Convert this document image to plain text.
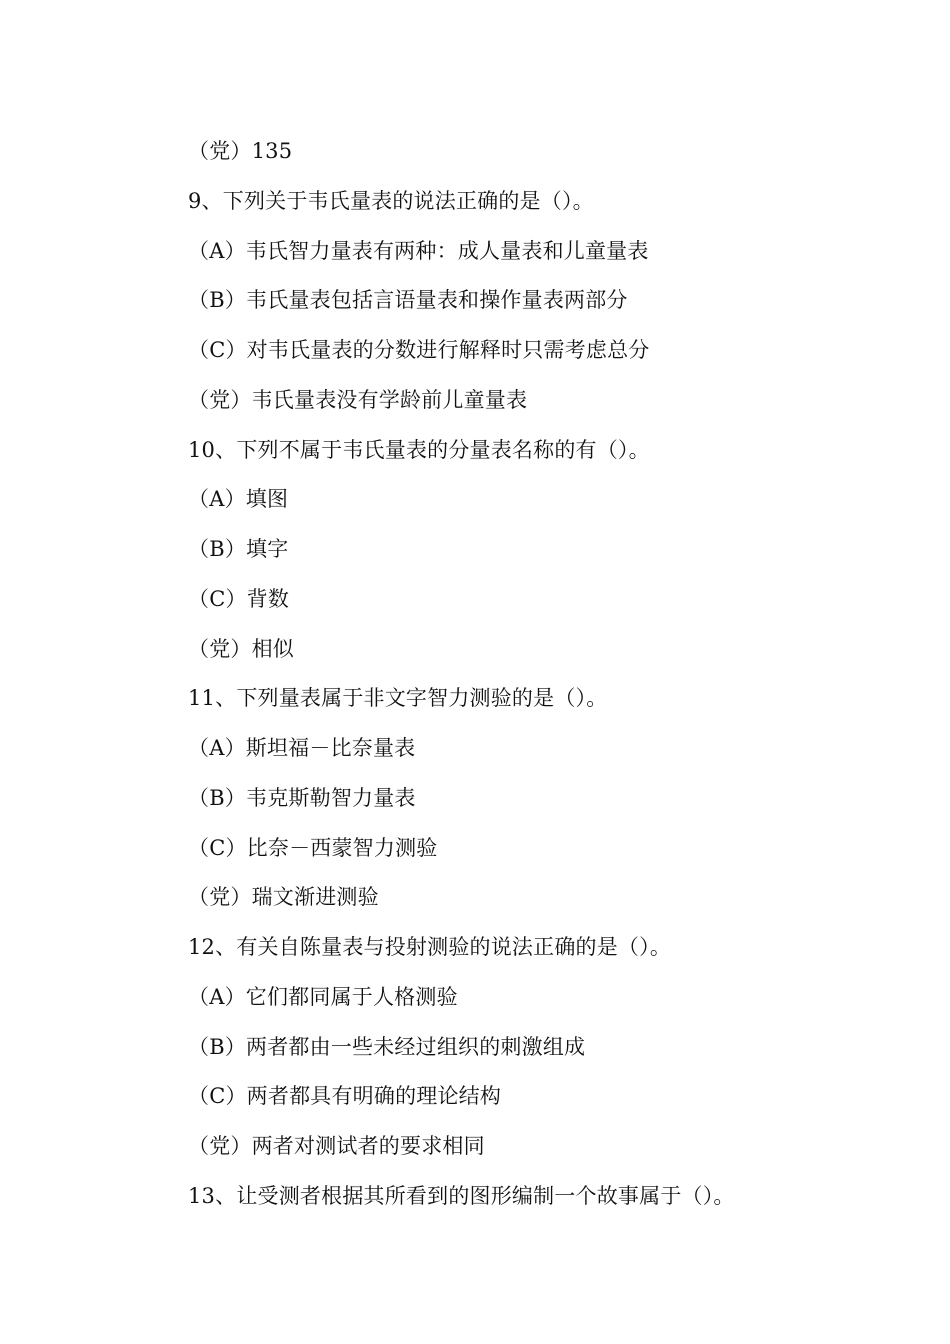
（党）135
9、下列关于韦氏量表的说法正确的是（）。
（A）韦氏智力量表有两种：成人量表和儿童量表
（B）韦氏量表包括言语量表和操作量表两部分
（C）对韦氏量表的分数进行解释时只需考虑总分
（党）韦氏量表没有学龄前儿童量表
10、下列不属于韦氏量表的分量表名称的有（）。
（A）填图
（B）填字
（C）背数
（党）相似
11、下列量表属于非文字智力测验的是（）。
（A）斯坦福－比奈量表
（B）韦克斯勒智力量表
（C）比奈－西蒙智力测验
（党）瑞文渐进测验
12、有关自陈量表与投射测验的说法正确的是（）。
（A）它们都同属于人格测验
（B）两者都由一些未经过组织的刺激组成
（C）两者都具有明确的理论结构
（党）两者对测试者的要求相同
13、让受测者根据其所看到的图形编制一个故事属于（）。
